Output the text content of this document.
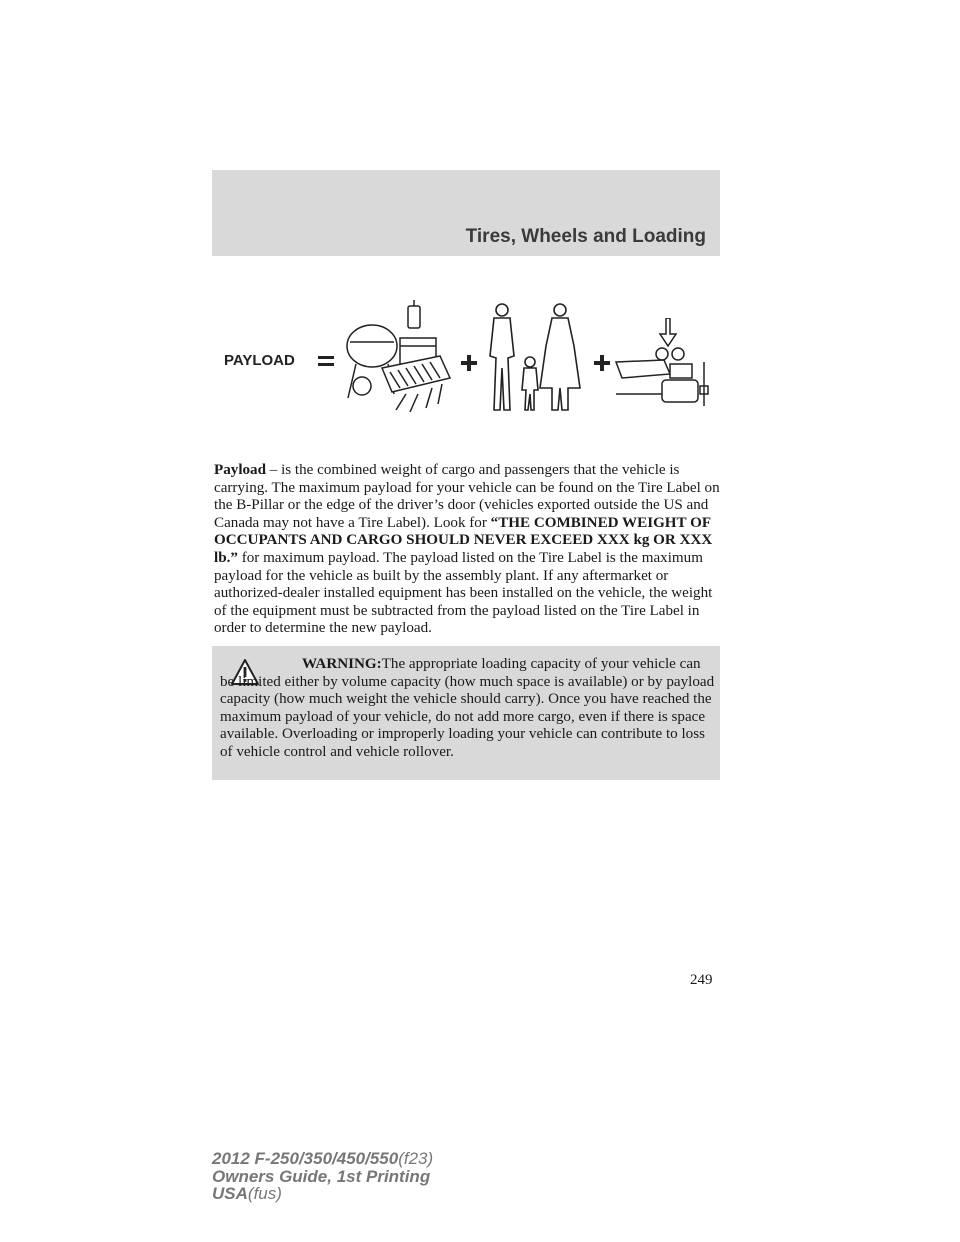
Tires, Wheels and Loading
PAYLOAD

Payload – is the combined weight of cargo and passengers that the vehicle is carrying. The maximum payload for your vehicle can be found on the Tire Label on the B-Pillar or the edge of the driver’s door (vehicles exported outside the US and Canada may not have a Tire Label). Look for “THE COMBINED WEIGHT OF OCCUPANTS AND CARGO SHOULD NEVER EXCEED XXX kg OR XXX lb.” for maximum payload. The payload listed on the Tire Label is the maximum payload for the vehicle as built by the assembly plant. If any aftermarket or authorized-dealer installed equipment has been installed on the vehicle, the weight of the equipment must be subtracted from the payload listed on the Tire Label in order to determine the new payload.

WARNING:The appropriate loading capacity of your vehicle can be limited either by volume capacity (how much space is available) or by payload capacity (how much weight the vehicle should carry). Once you have reached the maximum payload of your vehicle, do not add more cargo, even if there is space available. Overloading or improperly loading your vehicle can contribute to loss of vehicle control and vehicle rollover.

249
2012 F-250/350/450/550(f23)
Owners Guide, 1st Printing
USA(fus)
